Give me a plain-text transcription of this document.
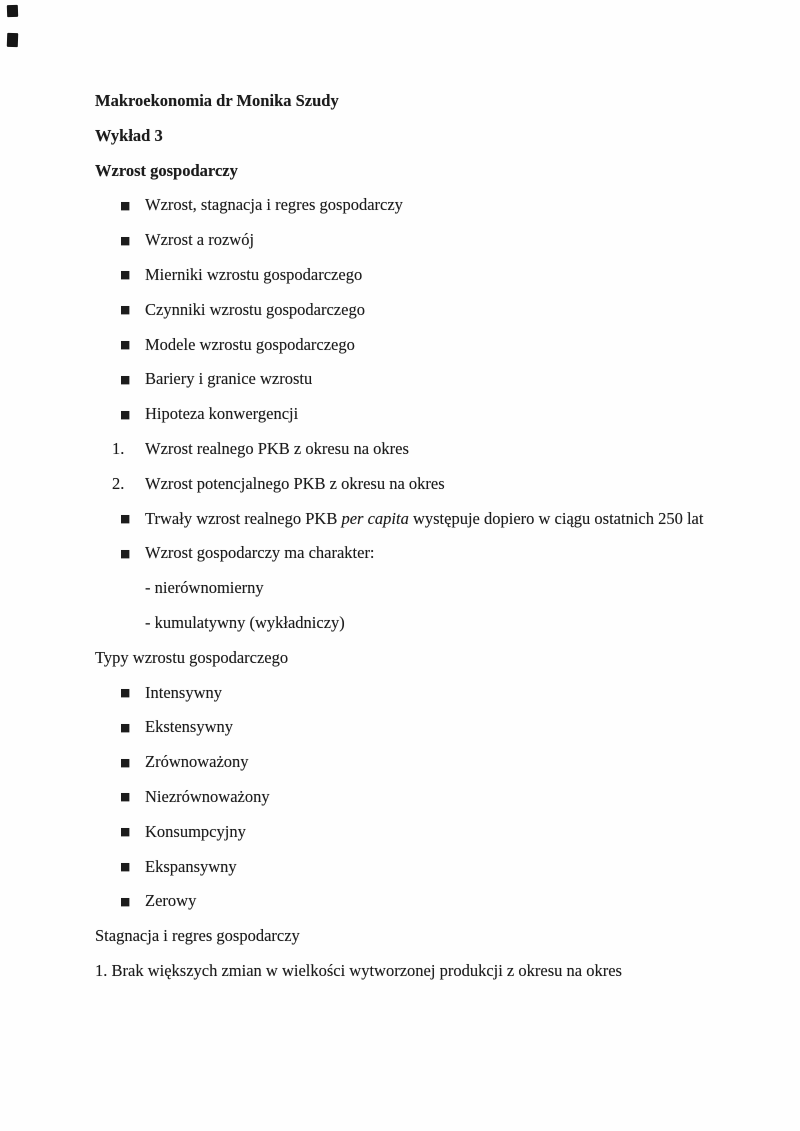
Makroekonomia dr Monika Szudy
Wykład 3
Wzrost gospodarczy
■ Wzrost, stagnacja i regres gospodarczy
■ Wzrost a rozwój
■ Mierniki wzrostu gospodarczego
■ Czynniki wzrostu gospodarczego
■ Modele wzrostu gospodarczego
■ Bariery i granice wzrostu
■ Hipoteza konwergencji
1. Wzrost realnego PKB z okresu na okres
2. Wzrost potencjalnego PKB z okresu na okres
■ Trwały wzrost realnego PKB per capita występuje dopiero w ciągu ostatnich 250 lat
■ Wzrost gospodarczy ma charakter:
- nierównomierny
- kumulatywny (wykładniczy)
Typy wzrostu gospodarczego
■ Intensywny
■ Ekstensywny
■ Zrównoważony
■ Niezrównoważony
■ Konsumpcyjny
■ Ekspansywny
■ Zerowy
Stagnacja i regres gospodarczy
1. Brak większych zmian w wielkości wytworzonej produkcji z okresu na okres
